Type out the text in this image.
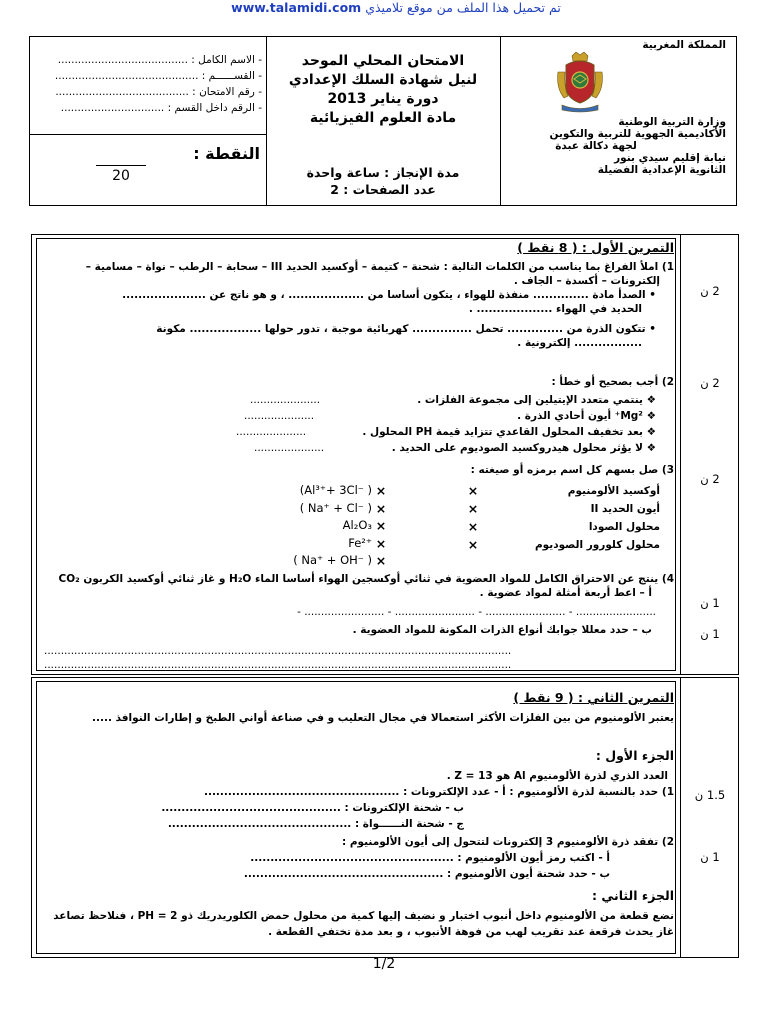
تم تحميل هذا الملف من موقع تلاميذي www.talamidi.com
المملكة المغربية
وزارة التربية الوطنية
الأكاديمية الجهوية للتربية والتكوين
لجهة دكالة عبدة
نيابة إقليم سيدي بنور
الثانوية الإعدادية الفضيلة
الامتحان المحلي الموحد
لنيل شهادة السلك الإعدادي
دورة يناير 2013
مادة العلوم الفيزيائية
مدة الإنجاز : ساعة واحدة
عدد الصفحات : 2
- الاسم الكامل : .......................................
- القســــــم : ...........................................
- رقم الامتحان : ........................................
- الرقم داخل القسم : ...............................
النقطة :
20
التمرين الأول : ( 8 نقط )
1) املأ الفراغ بما يناسب من الكلمات التالية : شحنة – كتيمة – أوكسيد الحديد III – سحابة – الرطب – نواة – مسامية –
إلكترونات – أكسدة – الجاف .
• الصدأ مادة .............. منفذة للهواء ، يتكون أساسا من ................... ، و هو ناتج عن .....................
الحديد في الهواء ................... .
• تتكون الذرة من .............. تحمل ............... كهربائية موجبة ، تدور حولها .................. مكونة
................. إلكترونية .
2) أجب بصحيح أو خطأ :
❖ ينتمي متعدد الإيتيلين إلى مجموعة الفلزات .
❖ Mg²⁺ أيون أحادي الذرة .
❖ بعد تخفيف المحلول القاعدي تتزايد قيمة PH المحلول .
❖ لا يؤثر محلول هيدروكسيد الصوديوم على الحديد .
.....................
.....................
.....................
.....................
3) صل بسهم كل اسم برمزه أو صيغته :
أوكسيد الألومنيوم
أيون الحديد II
محلول الصودا
محلول كلورور الصوديوم
×
×
×
×
(Al³⁺+ 3Cl⁻ )
( Na⁺ + Cl⁻ )
Al₂O₃
Fe²⁺
( Na⁺ + OH⁻ )
×
×
×
×
×
4) ينتج عن الاحتراق الكامل للمواد العضوية في ثنائي أوكسجين الهواء أساسا الماء H₂O و غاز ثنائي أوكسيد الكربون CO₂
أ – اعط أربعة أمثلة لمواد عضوية .
- ........................ - ........................ - ........................ - ........................
ب – حدد معللا جوابك أنواع الذرات المكونة للمواد العضوية .
............................................................................................................................................
............................................................................................................................................
2 ن
2 ن
2 ن
1 ن
1 ن
التمرين الثاني : ( 9 نقط )
يعتبر الألومنيوم من بين الفلزات الأكثر استعمالا في مجال التعليب و في صناعة أواني الطبخ و إطارات النوافذ .....
الجزء الأول :
العدد الذري لذرة الألومنيوم Al هو Z = 13 .
1) حدد بالنسبة لذرة الألومنيوم : أ - عدد الإلكترونات : .................................................
ب - شحنة الإلكترونات : .............................................
ج - شحنة النــــــواة : ..............................................
2) تفقد ذرة الألومنيوم 3 إلكترونات لتتحول إلى أيون الألومنيوم :
أ - اكتب رمز أيون الألومنيوم : ...................................................
ب - حدد شحنة أيون الألومنيوم : ..................................................
الجزء الثاني :
نضع قطعة من الألومنيوم داخل أنبوب اختبار و نضيف إليها كمية من محلول حمض الكلوريدريك ذو PH = 2 ، فنلاحظ تصاعد
غاز يحدث فرقعة عند تقريب لهب من فوهة الأنبوب ، و بعد مدة تختفي القطعة .
1.5 ن
1 ن
1/2
